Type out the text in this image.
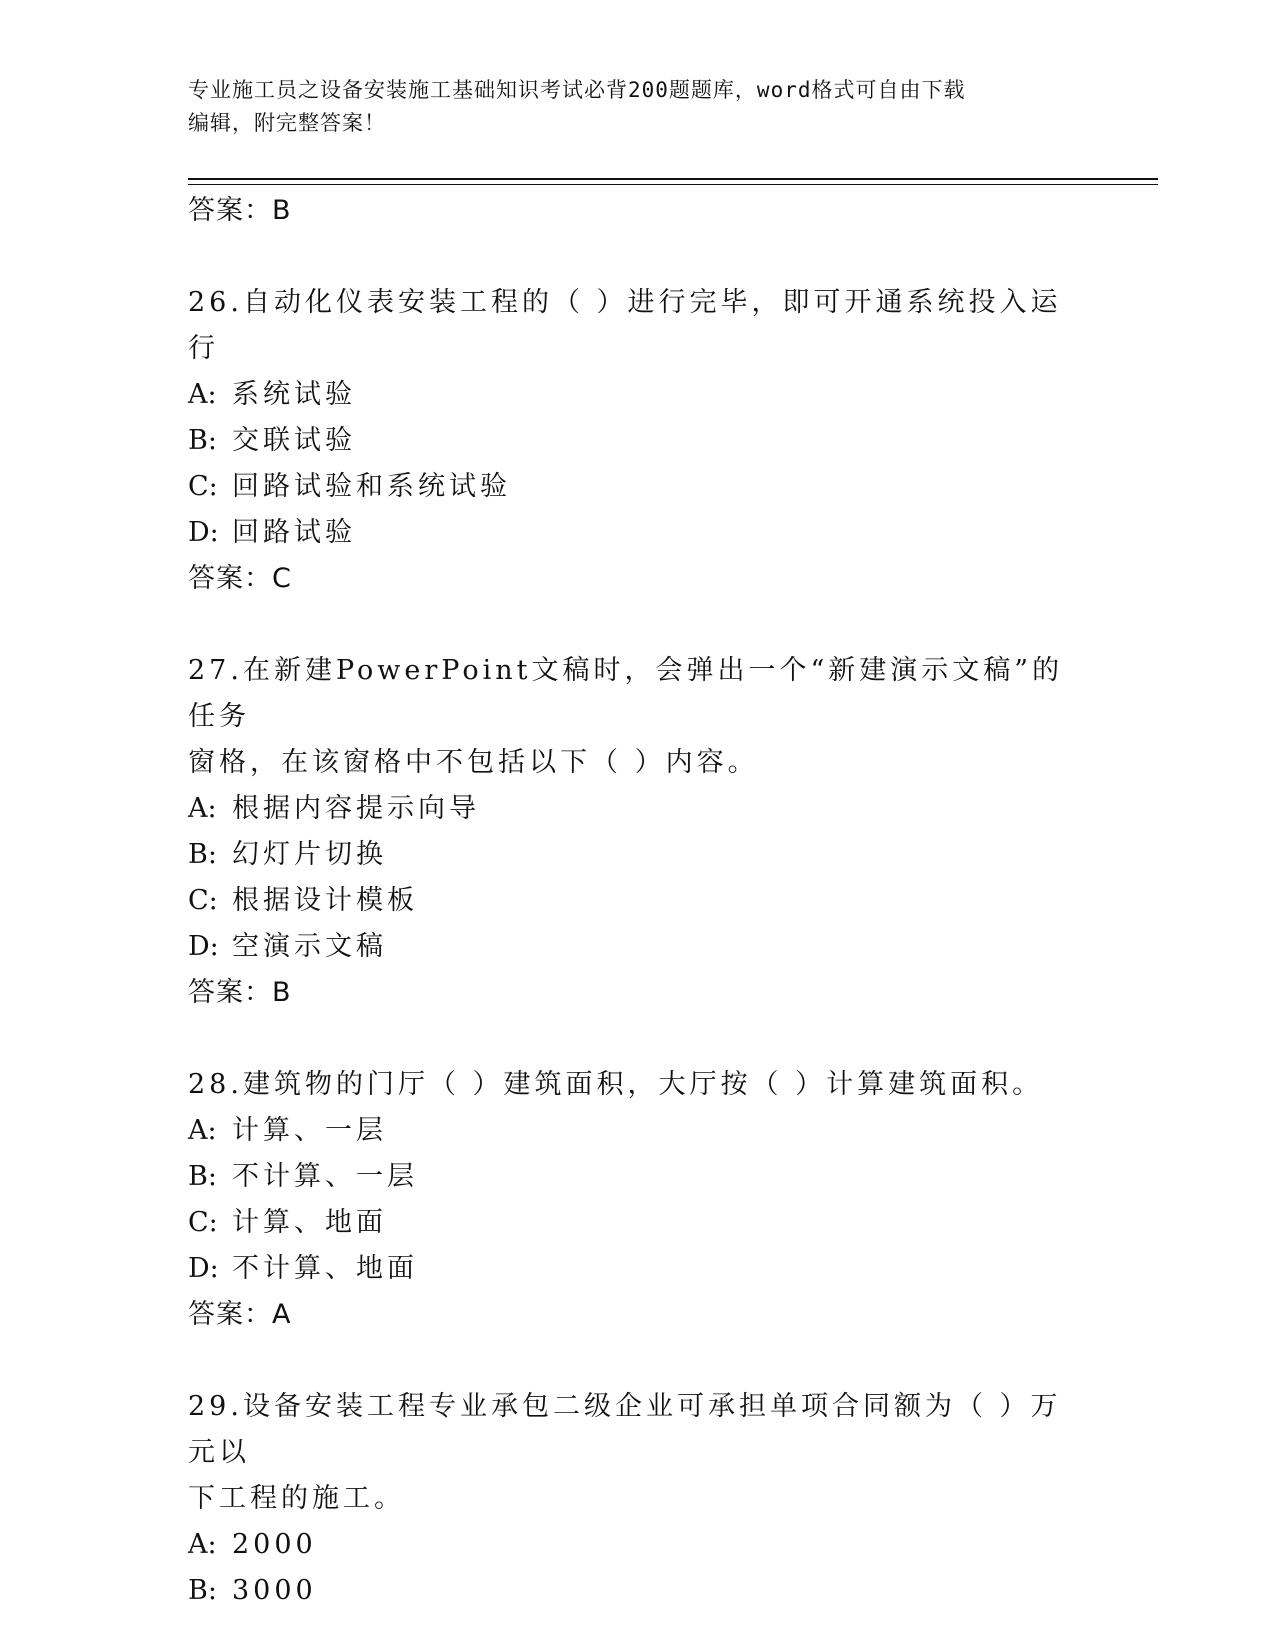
专业施工员之设备安装施工基础知识考试必背200题题库，word格式可自由下载
编辑，附完整答案！
答案：B
26.自动化仪表安装工程的（ ）进行完毕，即可开通系统投入运行
A: 系统试验
B: 交联试验
C: 回路试验和系统试验
D: 回路试验
答案：C
27.在新建PowerPoint文稿时，会弹出一个“新建演示文稿”的任务
窗格，在该窗格中不包括以下（ ）内容。
A: 根据内容提示向导
B: 幻灯片切换
C: 根据设计模板
D: 空演示文稿
答案：B
28.建筑物的门厅（ ）建筑面积，大厅按（ ）计算建筑面积。
A: 计算、一层
B: 不计算、一层
C: 计算、地面
D: 不计算、地面
答案：A
29.设备安装工程专业承包二级企业可承担单项合同额为（ ）万元以
下工程的施工。
A: 2000
B: 3000
